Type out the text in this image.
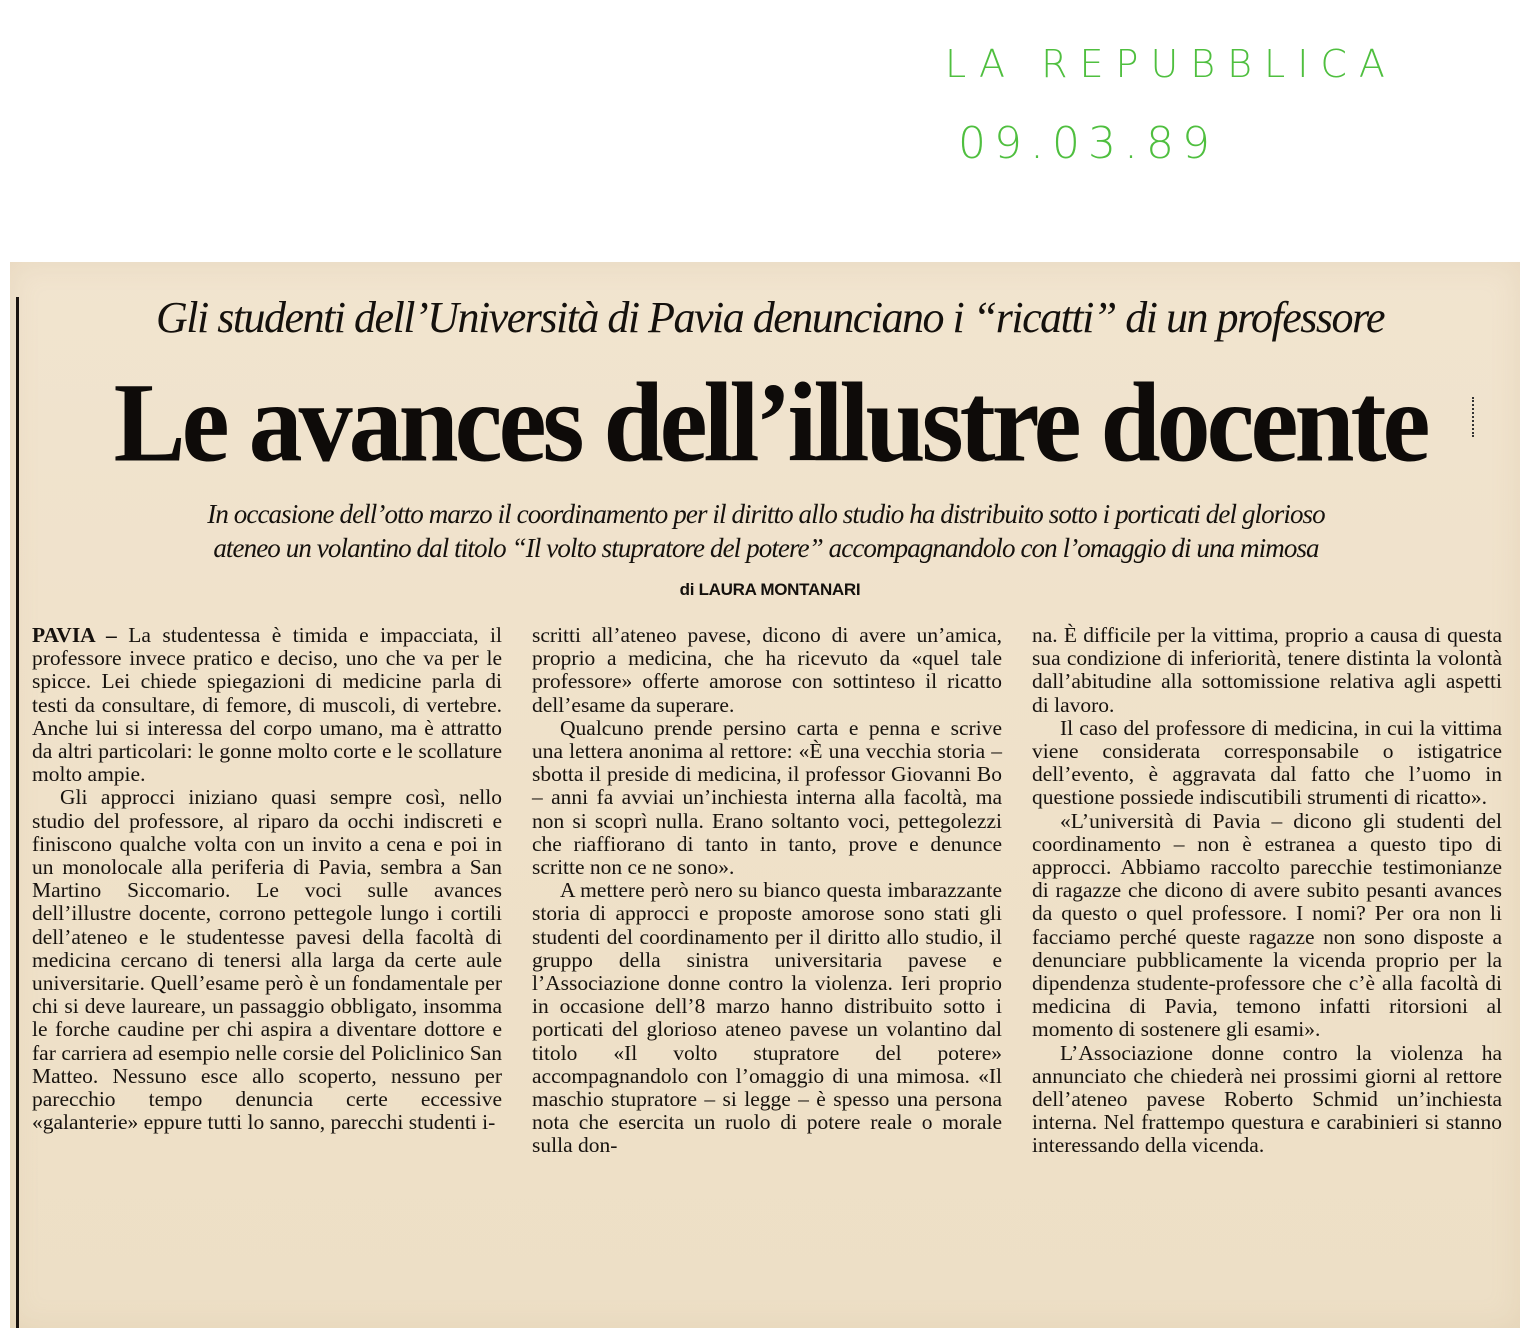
LA REPUBBLICA
09.03.89
Gli studenti dell’Università di Pavia denunciano i “ricatti” di un professore
Le avances dell’illustre docente
In occasione dell’otto marzo il coordinamento per il diritto allo studio ha distribuito sotto i porticati del glorioso
ateneo un volantino dal titolo “Il volto stupratore del potere” accompagnandolo con l’omaggio di una mimosa
di LAURA MONTANARI

PAVIA – La studentessa è timida e impacciata, il professore invece pratico e deciso, uno che va per le spicce. Lei chiede spiegazioni di medicine parla di testi da consultare, di femore, di muscoli, di vertebre. Anche lui si interessa del corpo umano, ma è attratto da altri particolari: le gonne molto corte e le scollature molto ampie.

Gli approcci iniziano quasi sempre così, nello studio del professore, al riparo da occhi indiscreti e finiscono qualche volta con un invito a cena e poi in un monolocale alla periferia di Pavia, sembra a San Martino Siccomario. Le voci sulle avances dell’illustre docente, corrono pettegole lungo i cortili dell’ateneo e le studentesse pavesi della facoltà di medicina cercano di tenersi alla larga da certe aule universitarie. Quell’esame però è un fondamentale per chi si deve laureare, un passaggio obbligato, insomma le forche caudine per chi aspira a diventare dottore e far carriera ad esempio nelle corsie del Policlinico San Matteo. Nessuno esce allo scoperto, nessuno per parecchio tempo denuncia certe eccessive «galanterie» eppure tutti lo sanno, parecchi studenti i-

scritti all’ateneo pavese, dicono di avere un’amica, proprio a medicina, che ha ricevuto da «quel tale professore» offerte amorose con sottinteso il ricatto dell’esame da superare.

Qualcuno prende persino carta e penna e scrive una lettera anonima al rettore: «È una vecchia storia – sbotta il preside di medicina, il professor Giovanni Bo – anni fa avviai un’inchiesta interna alla facoltà, ma non si scoprì nulla. Erano soltanto voci, pettegolezzi che riaffiorano di tanto in tanto, prove e denunce scritte non ce ne sono».

A mettere però nero su bianco questa imbarazzante storia di approcci e proposte amorose sono stati gli studenti del coordinamento per il diritto allo studio, il gruppo della sinistra universitaria pavese e l’Associazione donne contro la violenza. Ieri proprio in occasione dell’8 marzo hanno distribuito sotto i porticati del glorioso ateneo pavese un volantino dal titolo «Il volto stupratore del potere» accompagnandolo con l’omaggio di una mimosa. «Il maschio stupratore – si legge – è spesso una persona nota che esercita un ruolo di potere reale o morale sulla don-

na. È difficile per la vittima, proprio a causa di questa sua condizione di inferiorità, tenere distinta la volontà dall’abitudine alla sottomissione relativa agli aspetti di lavoro.

Il caso del professore di medicina, in cui la vittima viene considerata corresponsabile o istigatrice dell’evento, è aggravata dal fatto che l’uomo in questione possiede indiscutibili strumenti di ricatto».

«L’università di Pavia – dicono gli studenti del coordinamento – non è estranea a questo tipo di approcci. Abbiamo raccolto parecchie testimonianze di ragazze che dicono di avere subito pesanti avances da questo o quel professore. I nomi? Per ora non li facciamo perché queste ragazze non sono disposte a denunciare pubblicamente la vicenda proprio per la dipendenza studente-professore che c’è alla facoltà di medicina di Pavia, temono infatti ritorsioni al momento di sostenere gli esami».

L’Associazione donne contro la violenza ha annunciato che chiederà nei prossimi giorni al rettore dell’ateneo pavese Roberto Schmid un’inchiesta interna. Nel frattempo questura e carabinieri si stanno interessando della vicenda.
